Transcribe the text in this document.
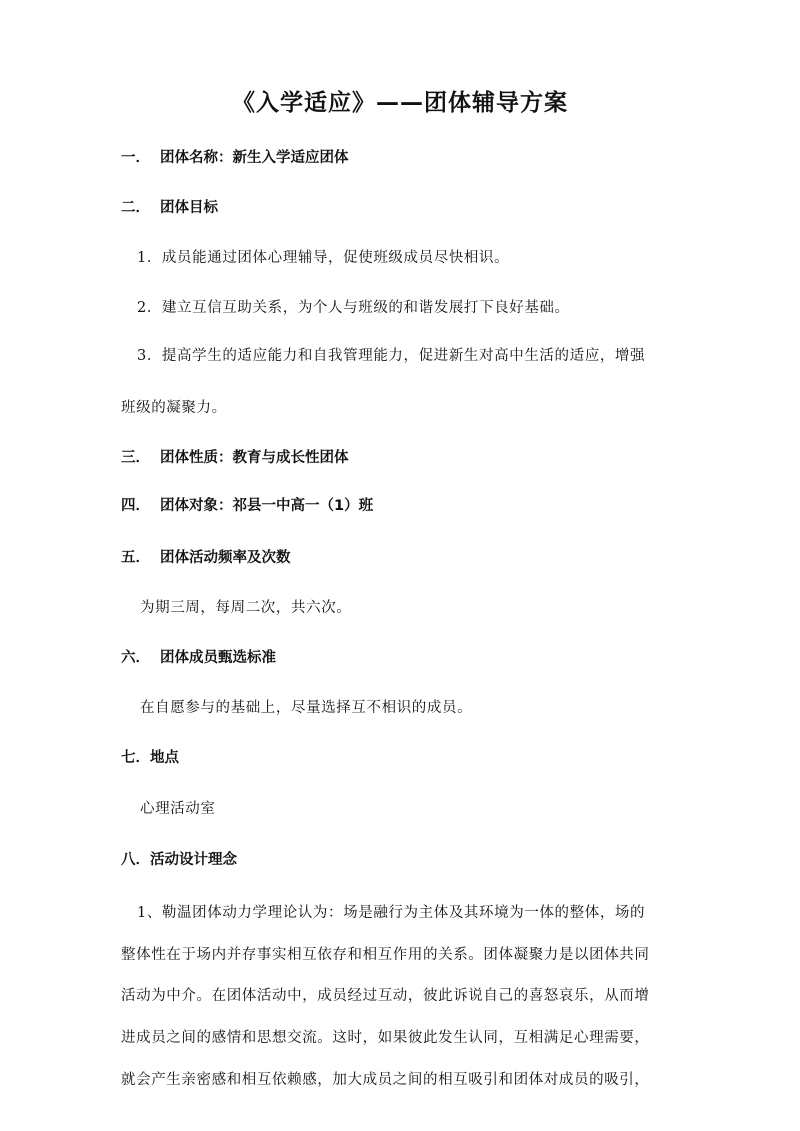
《入学适应》——团体辅导方案
一． 团体名称：新生入学适应团体
二． 团体目标
1．成员能通过团体心理辅导，促使班级成员尽快相识。
2．建立互信互助关系，为个人与班级的和谐发展打下良好基础。
3．提高学生的适应能力和自我管理能力，促进新生对高中生活的适应，增强
班级的凝聚力。
三． 团体性质：教育与成长性团体
四． 团体对象：祁县一中高一（1）班
五． 团体活动频率及次数
为期三周，每周二次，共六次。
六． 团体成员甄选标准
在自愿参与的基础上，尽量选择互不相识的成员。
七．地点
心理活动室
八．活动设计理念
1、勒温团体动力学理论认为：场是融行为主体及其环境为一体的整体，场的
整体性在于场内并存事实相互依存和相互作用的关系。团体凝聚力是以团体共同
活动为中介。在团体活动中，成员经过互动，彼此诉说自己的喜怒哀乐，从而增
进成员之间的感情和思想交流。这时，如果彼此发生认同，互相满足心理需要，
就会产生亲密感和相互依赖感，加大成员之间的相互吸引和团体对成员的吸引，
